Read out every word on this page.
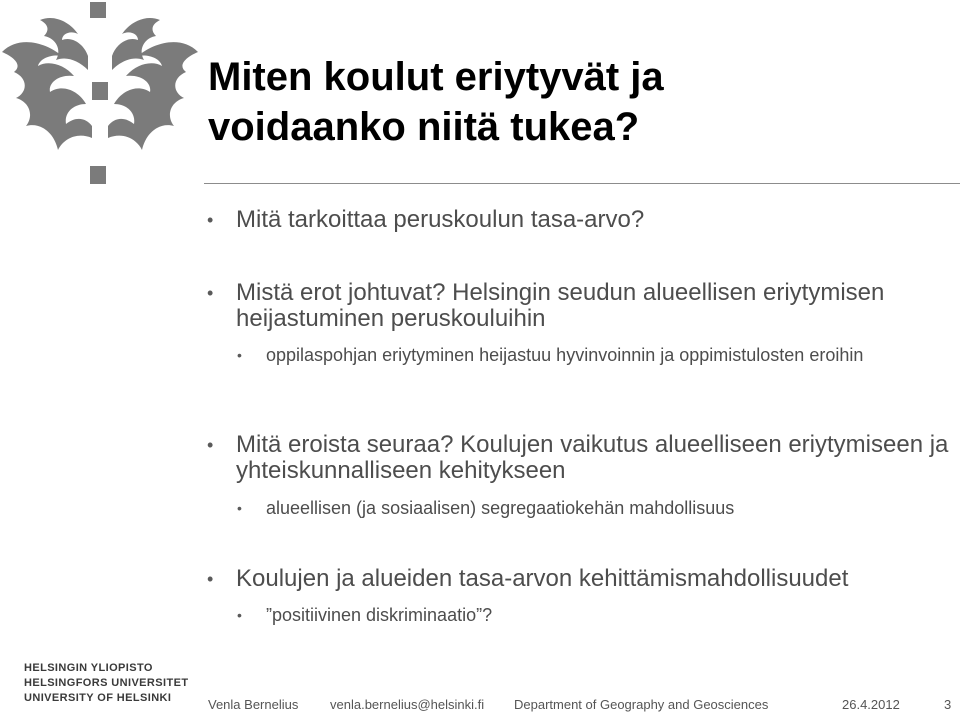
Miten koulut eriytyvät ja
voidaanko niitä tukea?

• Mitä tarkoittaa peruskoulun tasa-arvo?

• Mistä erot johtuvat? Helsingin seudun alueellisen eriytymisen heijastuminen peruskouluihin

• oppilaspohjan eriytyminen heijastuu hyvinvoinnin ja oppimistulosten eroihin

• Mitä eroista seuraa? Koulujen vaikutus alueelliseen eriytymiseen ja yhteiskunnalliseen kehitykseen

• alueellisen (ja sosiaalisen) segregaatiokehän mahdollisuus

• Koulujen ja alueiden tasa-arvon kehittämismahdollisuudet

• ”positiivinen diskriminaatio”?

HELSINGIN YLIOPISTO
HELSINGFORS UNIVERSITET
UNIVERSITY OF HELSINKI	Venla Bernelius venla.bernelius@helsinki.fi Department of Geography and Geosciences	26.4.2012	3
